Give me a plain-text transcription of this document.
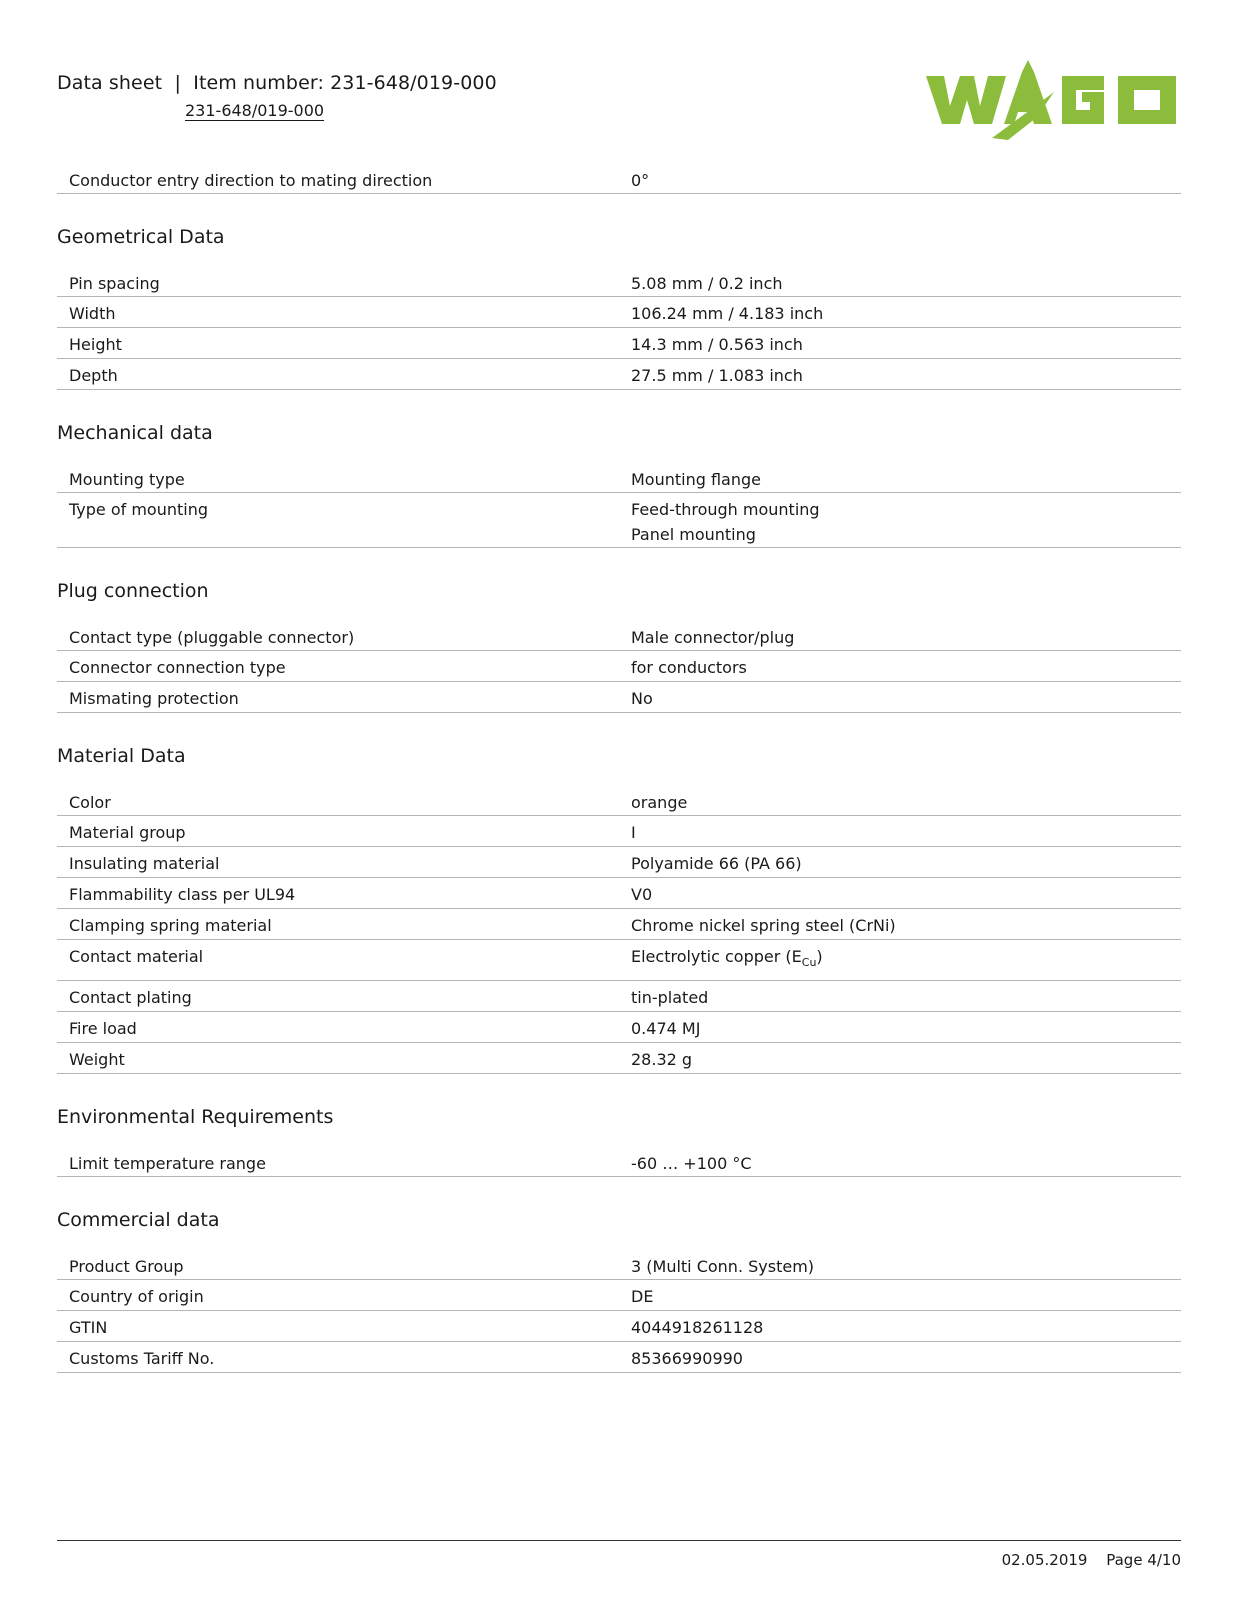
Data sheet  |  Item number: 231-648/019-000
231-648/019-000
WAGO
Conductor entry direction to mating direction	0°
Geometrical Data
Pin spacing	5.08 mm / 0.2 inch
Width	106.24 mm / 4.183 inch
Height	14.3 mm / 0.563 inch
Depth	27.5 mm / 1.083 inch
Mechanical data
Mounting type	Mounting flange
Type of mounting	Feed-through mounting
Panel mounting
Plug connection
Contact type (pluggable connector)	Male connector/plug
Connector connection type	for conductors
Mismating protection	No
Material Data
Color	orange
Material group	I
Insulating material	Polyamide 66 (PA 66)
Flammability class per UL94	V0
Clamping spring material	Chrome nickel spring steel (CrNi)
Contact material	Electrolytic copper $(E_{Cu})$
Contact plating	tin-plated
Fire load	0.474 MJ
Weight	28.32 g
Environmental Requirements
Limit temperature range	-60 … +100 °C
Commercial data
Product Group	3 (Multi Conn. System)
Country of origin	DE
GTIN	4044918261128
Customs Tariff No.	85366990990
02.05.2019 Page 4/10
